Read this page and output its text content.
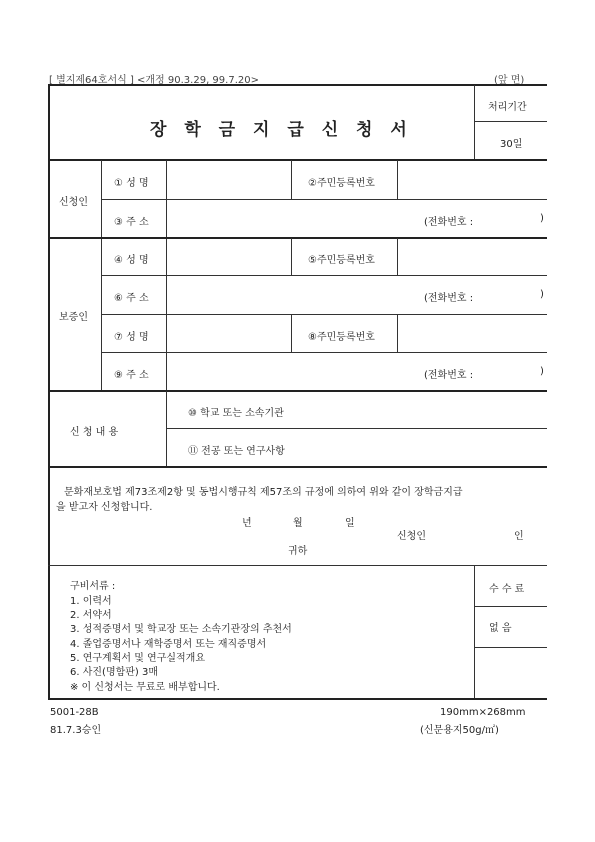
[ 별지제64호서식 ] <개정 90.3.29, 99.7.20>	(앞 면)
장 학 금 지 급 신 청 서
처리기간
30일
신청인
① 성 명	②주민등록번호
③ 주 소	(전화번호 :	)
보증인
④ 성 명	⑤주민등록번호
⑥ 주 소	(전화번호 :	)
⑦ 성 명	⑧주민등록번호
⑨ 주 소	(전화번호 :	)
신 청 내 용
⑩ 학교 또는 소속기관
⑪ 전공 또는 연구사항
문화재보호법 제73조제2항 및 동법시행규칙 제57조의 규정에 의하여 위와 같이 장학금지급
을 받고자 신청합니다.
년	월	일
신청인	인
귀하
구비서류 :
1. 이력서
2. 서약서
3. 성적증명서 및 학교장 또는 소속기관장의 추천서
4. 졸업증명서나 재학증명서 또는 재직증명서
5. 연구계획서 및 연구실적개요
6. 사진(명함판) 3매
※ 이 신청서는 무료로 배부합니다.
수 수 료
없 음
5001-28B
81.7.3승인
190mm×268mm
(신문용지50g/㎡)
